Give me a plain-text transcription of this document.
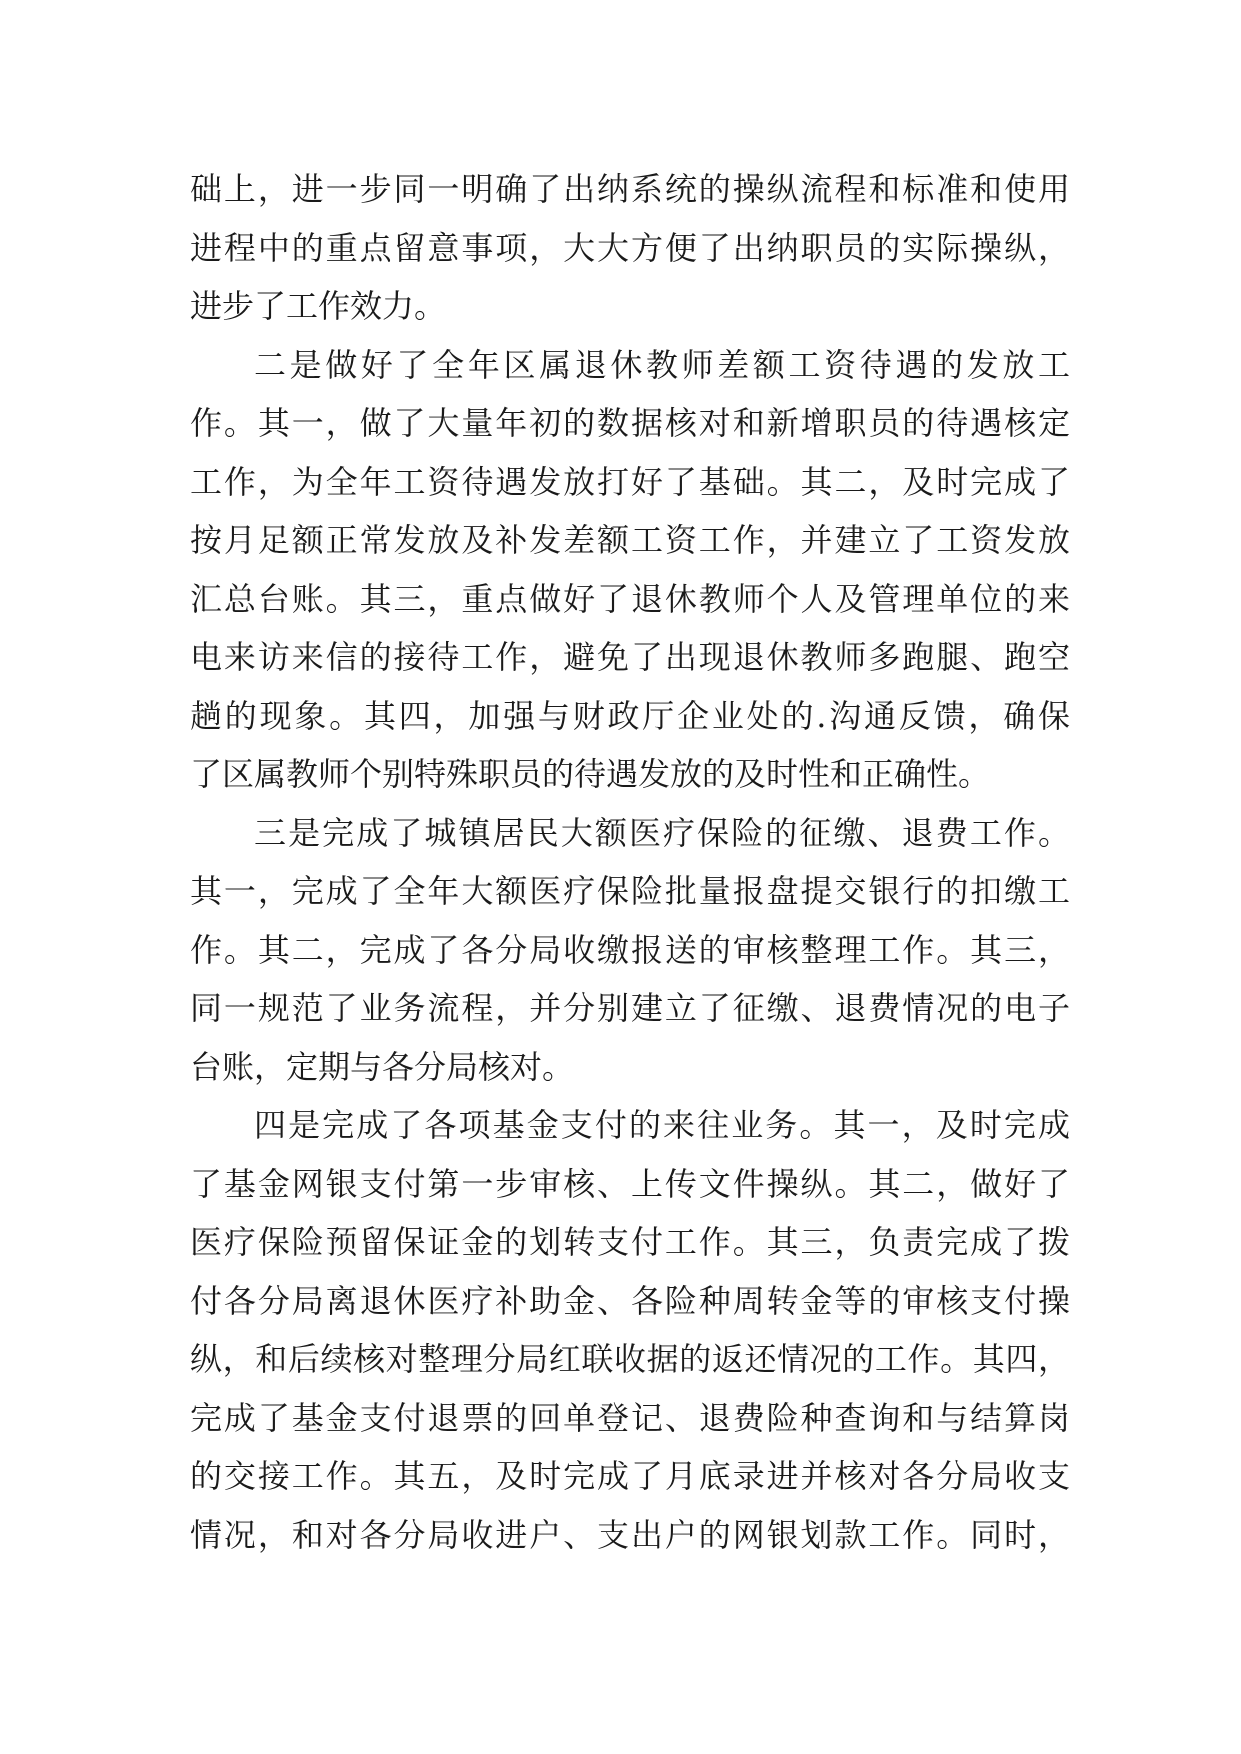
础上，进一步同一明确了出纳系统的操纵流程和标准和使用
进程中的重点留意事项，大大方便了出纳职员的实际操纵，
进步了工作效力。
二是做好了全年区属退休教师差额工资待遇的发放工
作。其一，做了大量年初的数据核对和新增职员的待遇核定
工作，为全年工资待遇发放打好了基础。其二，及时完成了
按月足额正常发放及补发差额工资工作，并建立了工资发放
汇总台账。其三，重点做好了退休教师个人及管理单位的来
电来访来信的接待工作，避免了出现退休教师多跑腿、跑空
趟的现象。其四，加强与财政厅企业处的.沟通反馈，确保
了区属教师个别特殊职员的待遇发放的及时性和正确性。
三是完成了城镇居民大额医疗保险的征缴、退费工作。
其一，完成了全年大额医疗保险批量报盘提交银行的扣缴工
作。其二，完成了各分局收缴报送的审核整理工作。其三，
同一规范了业务流程，并分别建立了征缴、退费情况的电子
台账，定期与各分局核对。
四是完成了各项基金支付的来往业务。其一，及时完成
了基金网银支付第一步审核、上传文件操纵。其二，做好了
医疗保险预留保证金的划转支付工作。其三，负责完成了拨
付各分局离退休医疗补助金、各险种周转金等的审核支付操
纵，和后续核对整理分局红联收据的返还情况的工作。其四，
完成了基金支付退票的回单登记、退费险种查询和与结算岗
的交接工作。其五，及时完成了月底录进并核对各分局收支
情况，和对各分局收进户、支出户的网银划款工作。同时，
